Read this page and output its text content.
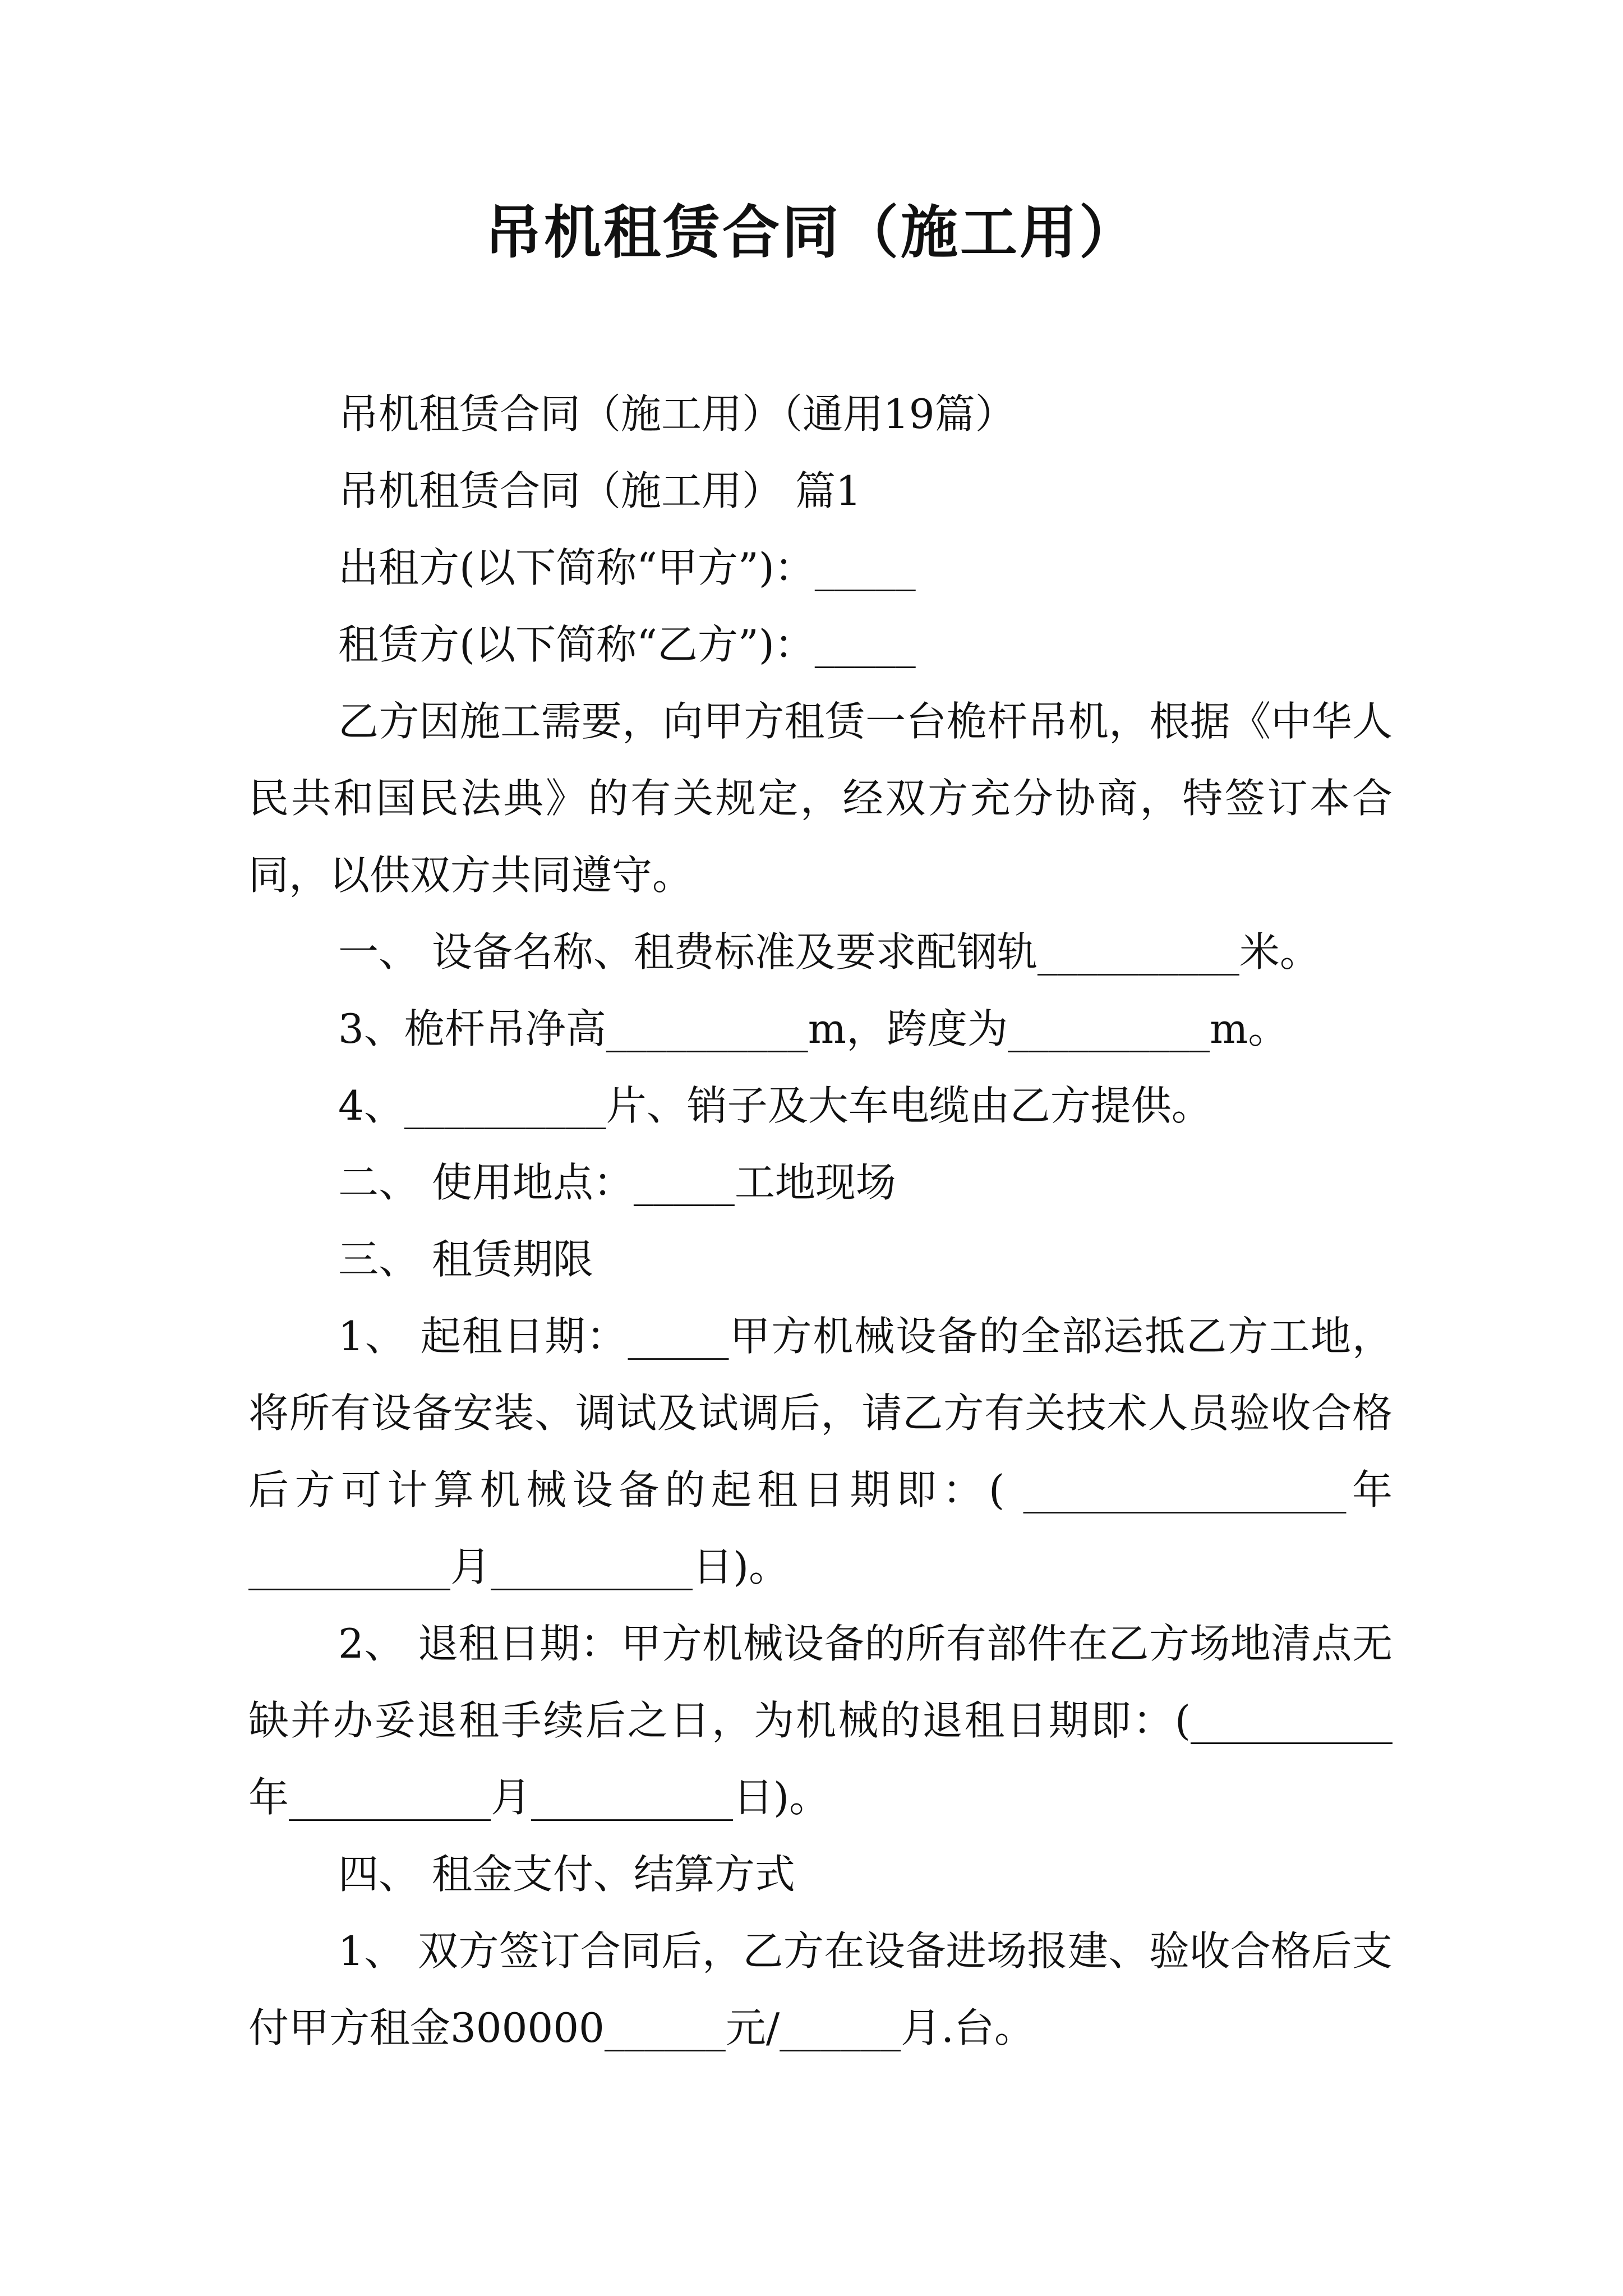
吊机租赁合同（施工用）

吊机租赁合同（施工用）（通用19篇）

吊机租赁合同（施工用） 篇1

出租方(以下简称“甲方”)：_____

租赁方(以下简称“乙方”)：_____

乙方因施工需要，向甲方租赁一台桅杆吊机，根据《中华人民共和国民法典》的有关规定，经双方充分协商，特签订本合同，以供双方共同遵守。

一、 设备名称、租费标准及要求配钢轨__________米。

3、桅杆吊净高__________m，跨度为__________m。

4、__________片、销子及大车电缆由乙方提供。

二、 使用地点：_____工地现场

三、 租赁期限

1、 起租日期：_____甲方机械设备的全部运抵乙方工地，将所有设备安装、调试及试调后，请乙方有关技术人员验收合格后方可计算机械设备的起租日期即：( ________________年__________月__________日)。

2、 退租日期：甲方机械设备的所有部件在乙方场地清点无缺并办妥退租手续后之日，为机械的退租日期即：(__________年__________月__________日)。

四、 租金支付、结算方式

1、 双方签订合同后，乙方在设备进场报建、验收合格后支付甲方租金300000______元/______月.台。
